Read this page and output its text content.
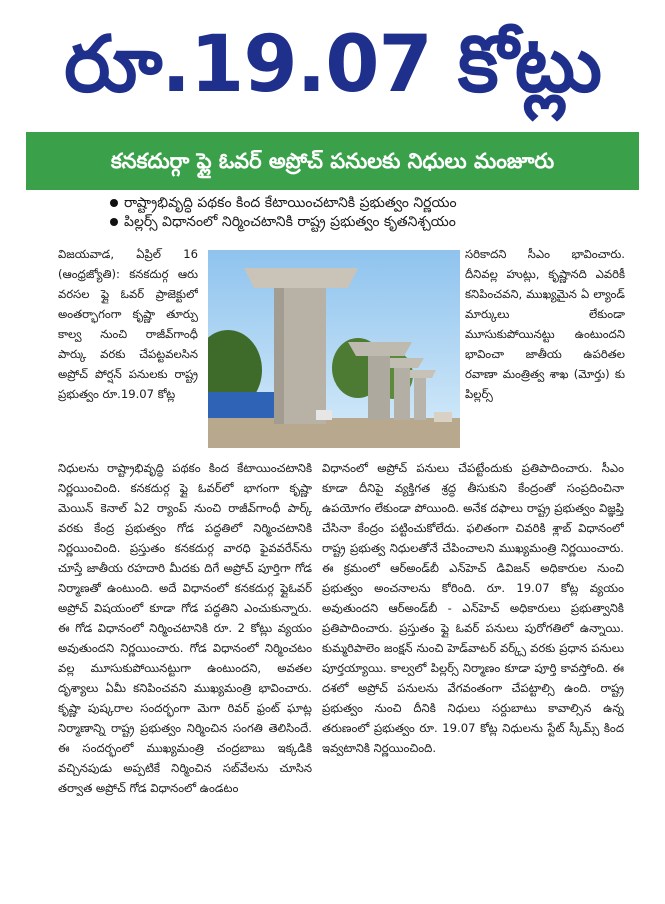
రూ.19.07 కోట్లు
కనకదుర్గా ఫ్లై ఓవర్‌ అప్రోచ్‌ పనులకు నిధులు మంజూరు
రాష్ట్రాభివృద్ధి పథకం కింద కేటాయించటానికి ప్రభుత్వం నిర్ణయం
పిల్లర్స్‌ విధానంలో నిర్మించటానికి రాష్ట్ర ప్రభుత్వం కృతనిశ్చయం

విజయవాడ, ఏప్రిల్‌ 16 (ఆంధ్రజ్యోతి): కనకదుర్గ ఆరు వరసల ఫ్లై ఓవర్‌ ప్రాజెక్టులో అంతర్భాగంగా కృష్ణా తూర్పు కాల్వ నుంచి రాజీవ్‌గాంధీ పార్కు వరకు చేపట్టవలసిన అప్రోచ్‌ పోర్షన్‌ పనులకు రాష్ట్ర ప్రభుత్వం రూ.19.07 కోట్ల

సరికాదని సీఎం భావించారు. దీనివల్ల హుట్లు, కృష్ణానది ఎవరికీ కనిపించవని, ముఖ్యమైన ఏ ల్యాండ్‌ మార్కులు లేకుండా మూసుకుపోయినట్టు ఉంటుందని భావించా జాతీయ ఉపరితల రవాణా మంత్రిత్వ శాఖ (మోర్తు) కు పిల్లర్స్‌

నిధులను రాష్ట్రాభివృద్ధి పథకం కింద కేటాయించటానికి నిర్ణయించింది. కనకదుర్గ ఫ్లై ఓవర్‌లో భాగంగా కృష్ణా మెయిన్‌ కెనాల్‌ ఏ2 ర్యాంప్‌ నుంచి రాజీవ్‌గాంధీ పార్క్‌ వరకు కేంద్ర ప్రభుత్వం గోడ పద్ధతిలో నిర్మించటానికి నిర్ణయించింది. ప్రస్తుతం కనకదుర్గ వారధి ఫైవవరేన్‌ను చూస్తే జాతీయ రహదారి మీదకు దిగే అప్రోచ్‌ పూర్తిగా గోడ నిర్మాణతో ఉంటుంది. అదే విధానంలో కనకదుర్గ ఫ్లైఓవర్‌ అప్రోచ్‌ విషయంలో కూడా గోడ పద్ధతిని ఎంచుకున్నారు. ఈ గోడ విధానంలో నిర్మించటానికి రూ. 2 కోట్లు వ్యయం అవుతుందని నిర్ణయించారు. గోడ విధానంలో నిర్మించటం వల్ల మూసుకుపోయినట్టుగా ఉంటుందని, అవతల దృశ్యాలు ఏమీ కనిపించవని ముఖ్యమంత్రి భావించారు. కృష్ణా పుష్కరాల సందర్భంగా మెగా రివర్‌ ఫ్రంట్‌ ఘాట్ల నిర్మాణాన్ని రాష్ట్ర ప్రభుత్వం నిర్మించిన సంగతి తెలిసిందే. ఈ సందర్భంలో ముఖ్యమంత్రి చంద్రబాబు ఇక్కడికి వచ్చినపుడు అప్పటికే నిర్మించిన సబ్‌వేలను చూసిన తర్వాత అప్రోచ్‌ గోడ విధానంలో ఉండటం

విధానంలో అప్రోచ్‌ పనులు చేపట్టేందుకు ప్రతిపాదించారు. సీఎం కూడా దీనిపై వ్యక్తిగత శ్రద్ధ తీసుకుని కేంద్రంతో సంప్రదించినా ఉపయోగం లేకుండా పోయింది. అనేక దఫాలు రాష్ట్ర ప్రభుత్వం విజ్ఞప్తి చేసినా కేంద్రం పట్టించుకోలేదు. ఫలితంగా చివరికి శ్లాబ్‌ విధానంలో రాష్ట్ర ప్రభుత్వ నిధులతోనే చేపించాలని ముఖ్యమంత్రి నిర్ణయించారు. ఈ క్రమంలో ఆర్‌అండ్‌బీ ఎన్‌హెచ్‌ డివిజన్‌ అధికారుల నుంచి ప్రభుత్వం అంచనాలను కోరింది. రూ. 19.07 కోట్ల వ్యయం అవుతుందని ఆర్‌అండ్‌బీ - ఎన్‌హెచ్‌ అధికారులు ప్రభుత్వానికి ప్రతిపాదించారు. ప్రస్తుతం ఫ్లై ఓవర్‌ పనులు పురోగతిలో ఉన్నాయి. కుమ్మరిపాలెం జంక్షన్‌ నుంచి హెడ్‌వాటర్‌ వర్క్స్‌ వరకు ప్రధాన పనులు పూర్తయ్యాయి. కాల్వలో పిల్లర్స్‌ నిర్మాణం కూడా పూర్తి కావస్తోంది. ఈ దశలో అప్రోచ్‌ పనులను వేగవంతంగా చేపట్టాల్సి ఉంది. రాష్ట్ర ప్రభుత్వం నుంచి దీనికి నిధులు సర్దుబాటు కావాల్సిన ఉన్న తరుణంలో ప్రభుత్వం రూ. 19.07 కోట్ల నిధులను స్టేట్‌ స్కీమ్స్‌ కింద ఇవ్వటానికి నిర్ణయించింది.
